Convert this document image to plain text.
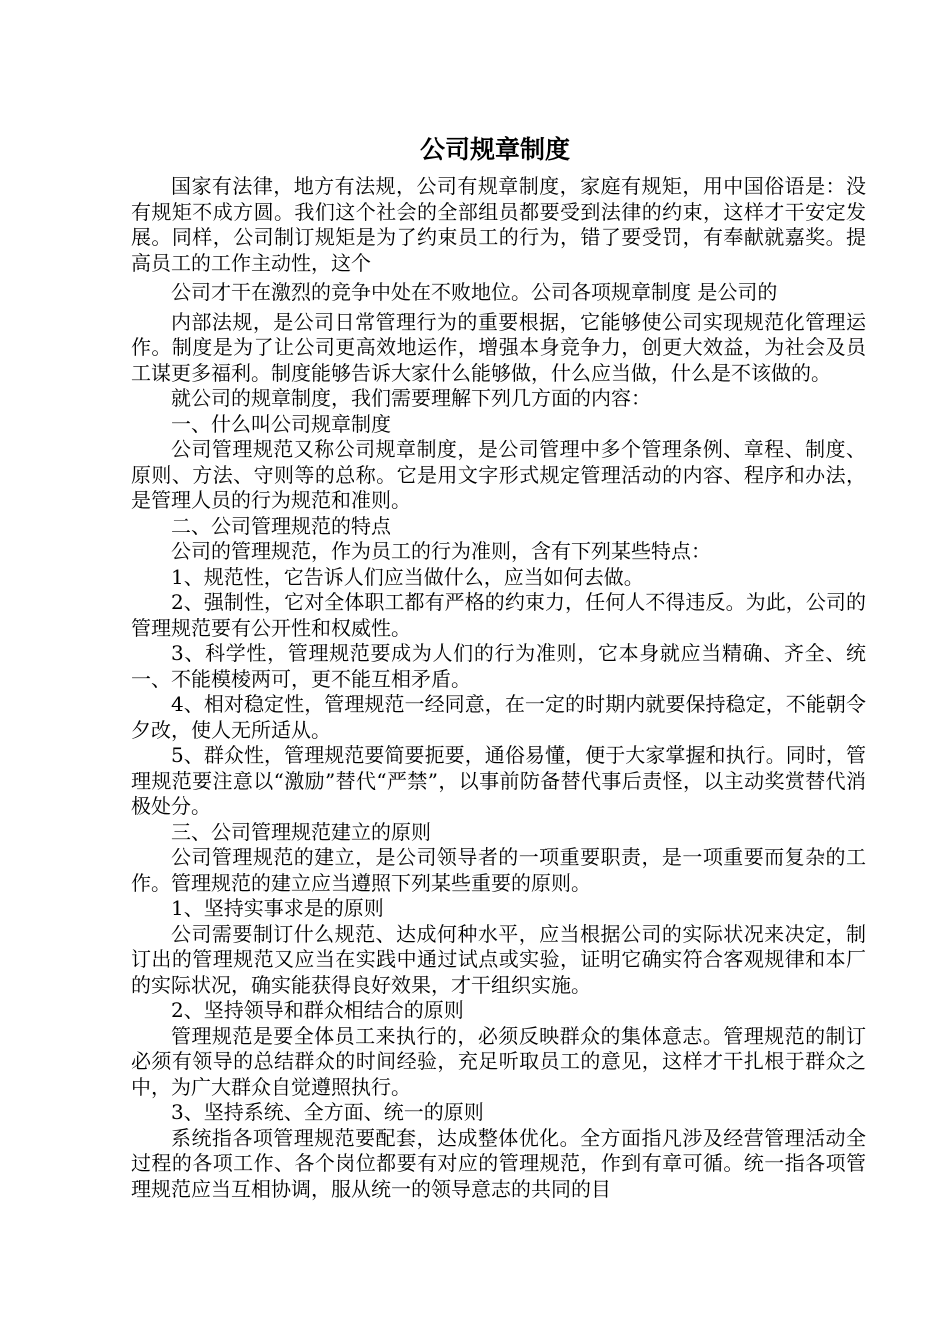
公司规章制度

国家有法律，地方有法规，公司有规章制度，家庭有规矩，用中国俗语是：没有规矩不成方圆。我们这个社会的全部组员都要受到法律的约束，这样才干安定发展。同样，公司制订规矩是为了约束员工的行为，错了要受罚，有奉献就嘉奖。提高员工的工作主动性，这个

公司才干在激烈的竞争中处在不败地位。公司各项规章制度 是公司的

内部法规，是公司日常管理行为的重要根据，它能够使公司实现规范化管理运作。制度是为了让公司更高效地运作，增强本身竞争力，创更大效益，为社会及员工谋更多福利。制度能够告诉大家什么能够做，什么应当做，什么是不该做的。

就公司的规章制度，我们需要理解下列几方面的内容：

一、什么叫公司规章制度

公司管理规范又称公司规章制度，是公司管理中多个管理条例、章程、制度、原则、方法、守则等的总称。它是用文字形式规定管理活动的内容、程序和办法，是管理人员的行为规范和准则。

二、公司管理规范的特点

公司的管理规范，作为员工的行为准则，含有下列某些特点：

1、规范性，它告诉人们应当做什么，应当如何去做。

2、强制性，它对全体职工都有严格的约束力，任何人不得违反。为此，公司的管理规范要有公开性和权威性。

3、科学性，管理规范要成为人们的行为准则，它本身就应当精确、齐全、统一、不能模棱两可，更不能互相矛盾。

4、相对稳定性，管理规范一经同意，在一定的时期内就要保持稳定，不能朝令夕改，使人无所适从。

5、群众性，管理规范要简要扼要，通俗易懂，便于大家掌握和执行。同时，管理规范要注意以“激励”替代“严禁”，以事前防备替代事后责怪，以主动奖赏替代消极处分。

三、公司管理规范建立的原则

公司管理规范的建立，是公司领导者的一项重要职责，是一项重要而复杂的工作。管理规范的建立应当遵照下列某些重要的原则。

1、坚持实事求是的原则

公司需要制订什么规范、达成何种水平，应当根据公司的实际状况来决定，制订出的管理规范又应当在实践中通过试点或实验，证明它确实符合客观规律和本厂的实际状况，确实能获得良好效果，才干组织实施。

2、坚持领导和群众相结合的原则

管理规范是要全体员工来执行的，必须反映群众的集体意志。管理规范的制订必须有领导的总结群众的时间经验，充足听取员工的意见，这样才干扎根于群众之中，为广大群众自觉遵照执行。

3、坚持系统、全方面、统一的原则

系统指各项管理规范要配套，达成整体优化。全方面指凡涉及经营管理活动全过程的各项工作、各个岗位都要有对应的管理规范，作到有章可循。统一指各项管理规范应当互相协调，服从统一的领导意志的共同的目
